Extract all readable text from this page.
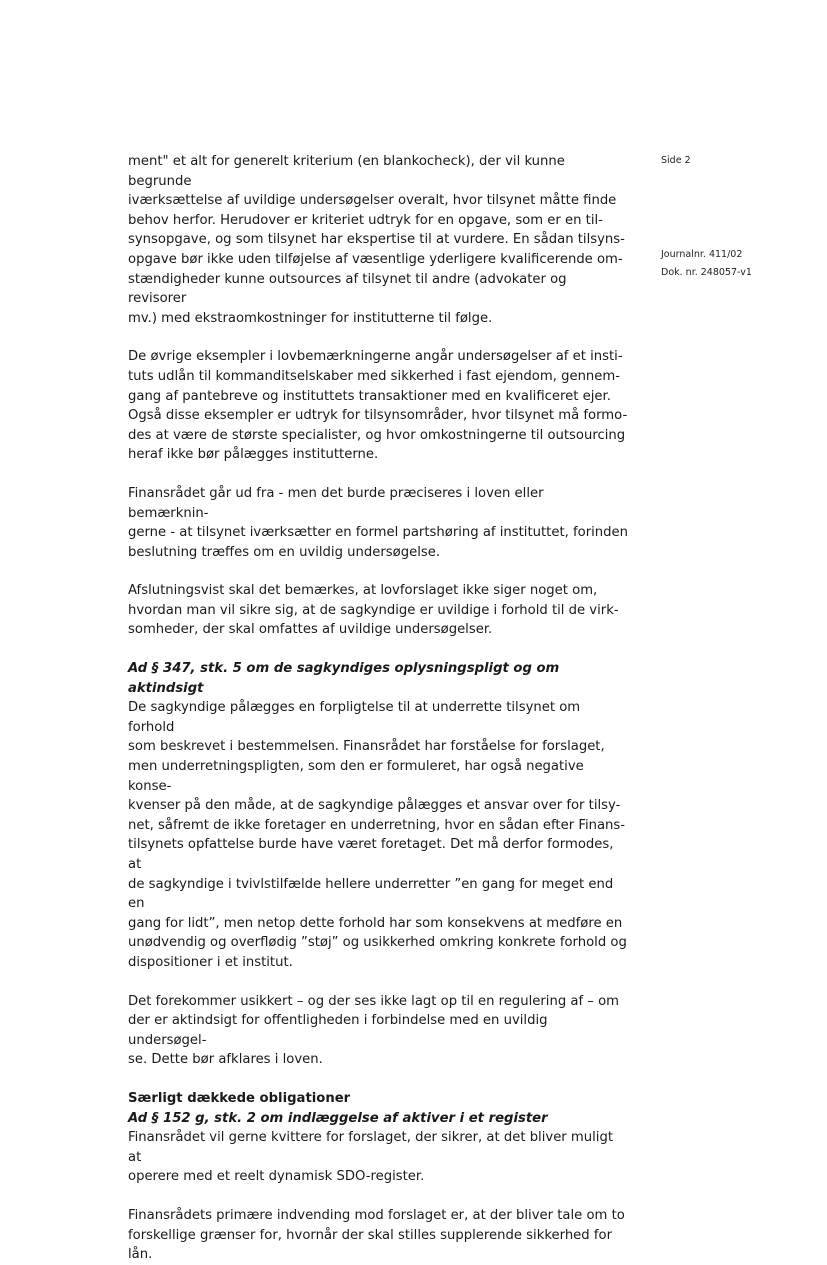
Side 2
Journalnr. 411/02
Dok. nr. 248057-v1

ment" et alt for generelt kriterium (en blankocheck), der vil kunne begrunde

iværksættelse af uvildige undersøgelser overalt, hvor tilsynet måtte finde

behov herfor. Herudover er kriteriet udtryk for en opgave, som er en til-

synsopgave, og som tilsynet har ekspertise til at vurdere. En sådan tilsyns-

opgave bør ikke uden tilføjelse af væsentlige yderligere kvalificerende om-

stændigheder kunne outsources af tilsynet til andre (advokater og revisorer

mv.) med ekstraomkostninger for institutterne til følge.

De øvrige eksempler i lovbemærkningerne angår undersøgelser af et insti-

tuts udlån til kommanditselskaber med sikkerhed i fast ejendom, gennem-

gang af pantebreve og instituttets transaktioner med en kvalificeret ejer.

Også disse eksempler er udtryk for tilsynsområder, hvor tilsynet må formo-

des at være de største specialister, og hvor omkostningerne til outsourcing

heraf ikke bør pålægges institutterne.

Finansrådet går ud fra - men det burde præciseres i loven eller bemærknin-

gerne - at tilsynet iværksætter en formel partshøring af instituttet, forinden

beslutning træffes om en uvildig undersøgelse.

Afslutningsvist skal det bemærkes, at lovforslaget ikke siger noget om,

hvordan man vil sikre sig, at de sagkyndige er uvildige i forhold til de virk-

somheder, der skal omfattes af uvildige undersøgelser.

Ad § 347, stk. 5 om de sagkyndiges oplysningspligt og om aktindsigt

De sagkyndige pålægges en forpligtelse til at underrette tilsynet om forhold

som beskrevet i bestemmelsen. Finansrådet har forståelse for forslaget,

men underretningspligten, som den er formuleret, har også negative konse-

kvenser på den måde, at de sagkyndige pålægges et ansvar over for tilsy-

net, såfremt de ikke foretager en underretning, hvor en sådan efter Finans-

tilsynets opfattelse burde have været foretaget. Det må derfor formodes, at

de sagkyndige i tvivlstilfælde hellere underretter ”en gang for meget end en

gang for lidt”, men netop dette forhold har som konsekvens at medføre en

unødvendig og overflødig ”støj” og usikkerhed omkring konkrete forhold og

dispositioner i et institut.

Det forekommer usikkert – og der ses ikke lagt op til en regulering af – om

der er aktindsigt for offentligheden i forbindelse med en uvildig undersøgel-

se. Dette bør afklares i loven.

Særligt dækkede obligationer
Ad § 152 g, stk. 2 om indlæggelse af aktiver i et register

Finansrådet vil gerne kvittere for forslaget, der sikrer, at det bliver muligt at

operere med et reelt dynamisk SDO-register.

Finansrådets primære indvending mod forslaget er, at der bliver tale om to

forskellige grænser for, hvornår der skal stilles supplerende sikkerhed for

lån.
